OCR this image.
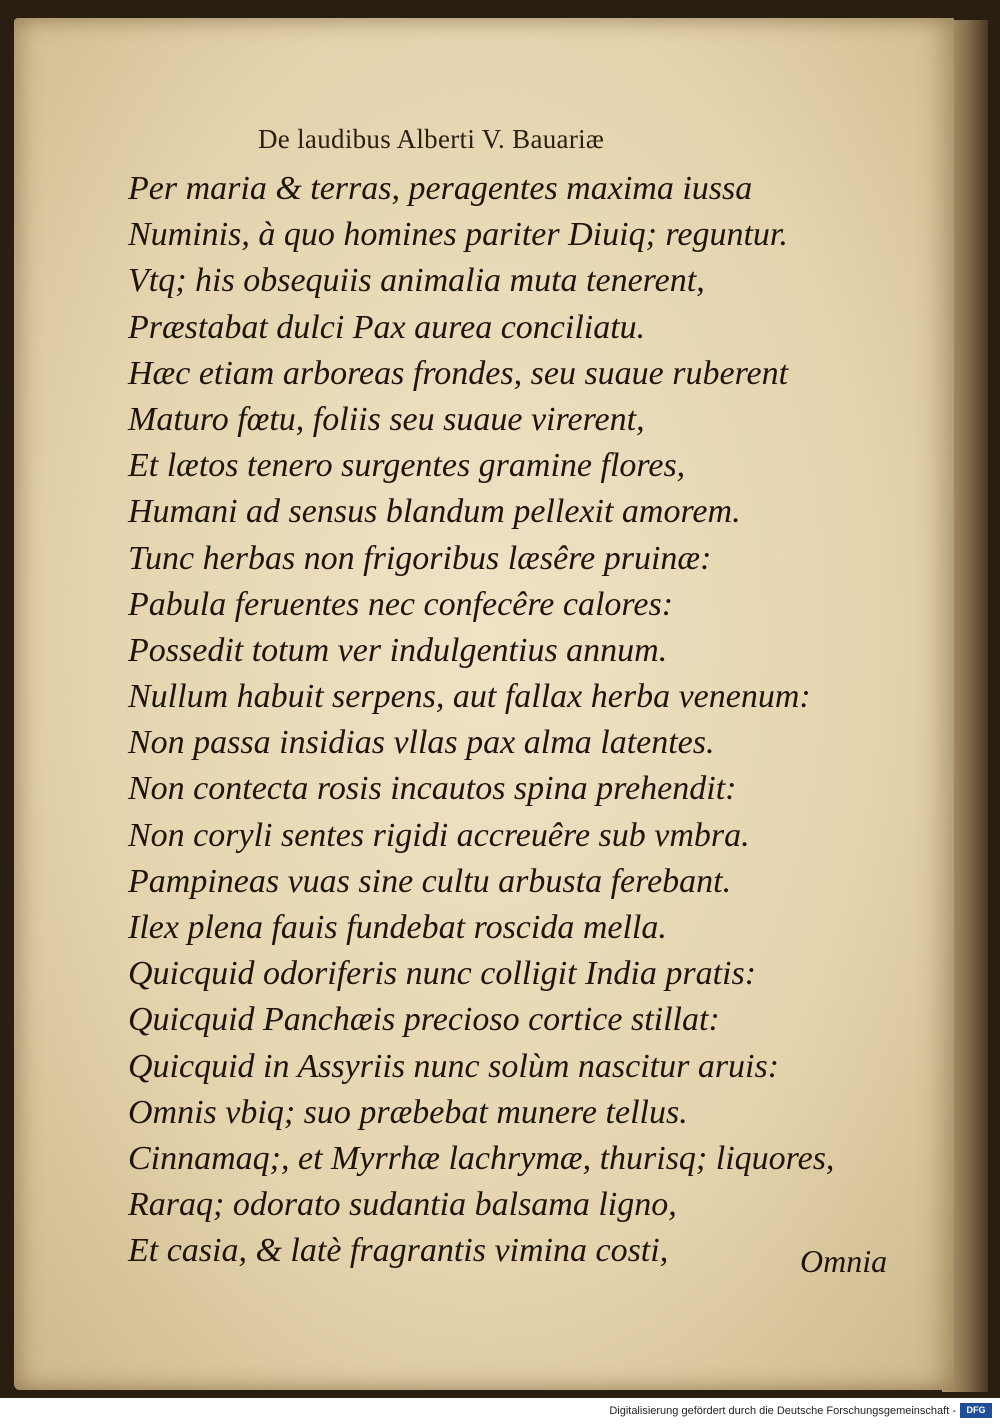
De laudibus Alberti V. Bauariæ
Per maria & terras, peragentes maxima iussa
Numinis, à quo homines pariter Diuiq; reguntur.
Vtq; his obsequiis animalia muta tenerent,
Præstabat dulci Pax aurea conciliatu.
Hæc etiam arboreas frondes, seu suaue ruberent
Maturo fœtu, foliis seu suaue virerent,
Et lætos tenero surgentes gramine flores,
Humani ad sensus blandum pellexit amorem.
Tunc herbas non frigoribus læsêre pruinæ:
Pabula feruentes nec confecêre calores:
Possedit totum ver indulgentius annum.
Nullum habuit serpens, aut fallax herba venenum:
Non passa insidias vllas pax alma latentes.
Non contecta rosis incautos spina prehendit:
Non coryli sentes rigidi accreuêre sub vmbra.
Pampineas vuas sine cultu arbusta ferebant.
Ilex plena fauis fundebat roscida mella.
Quicquid odoriferis nunc colligit India pratis:
Quicquid Panchæis precioso cortice stillat:
Quicquid in Assyriis nunc solùm nascitur aruis:
Omnis vbiq; suo præbebat munere tellus.
Cinnamaq;, et Myrrhæ lachrymæ, thurisq; liquores,
Raraq; odorato sudantia balsama ligno,
Et casia, & latè fragrantis vimina costi,	Omnia
Digitalisierung gefördert durch die Deutsche Forschungsgemeinschaft -	DFG
